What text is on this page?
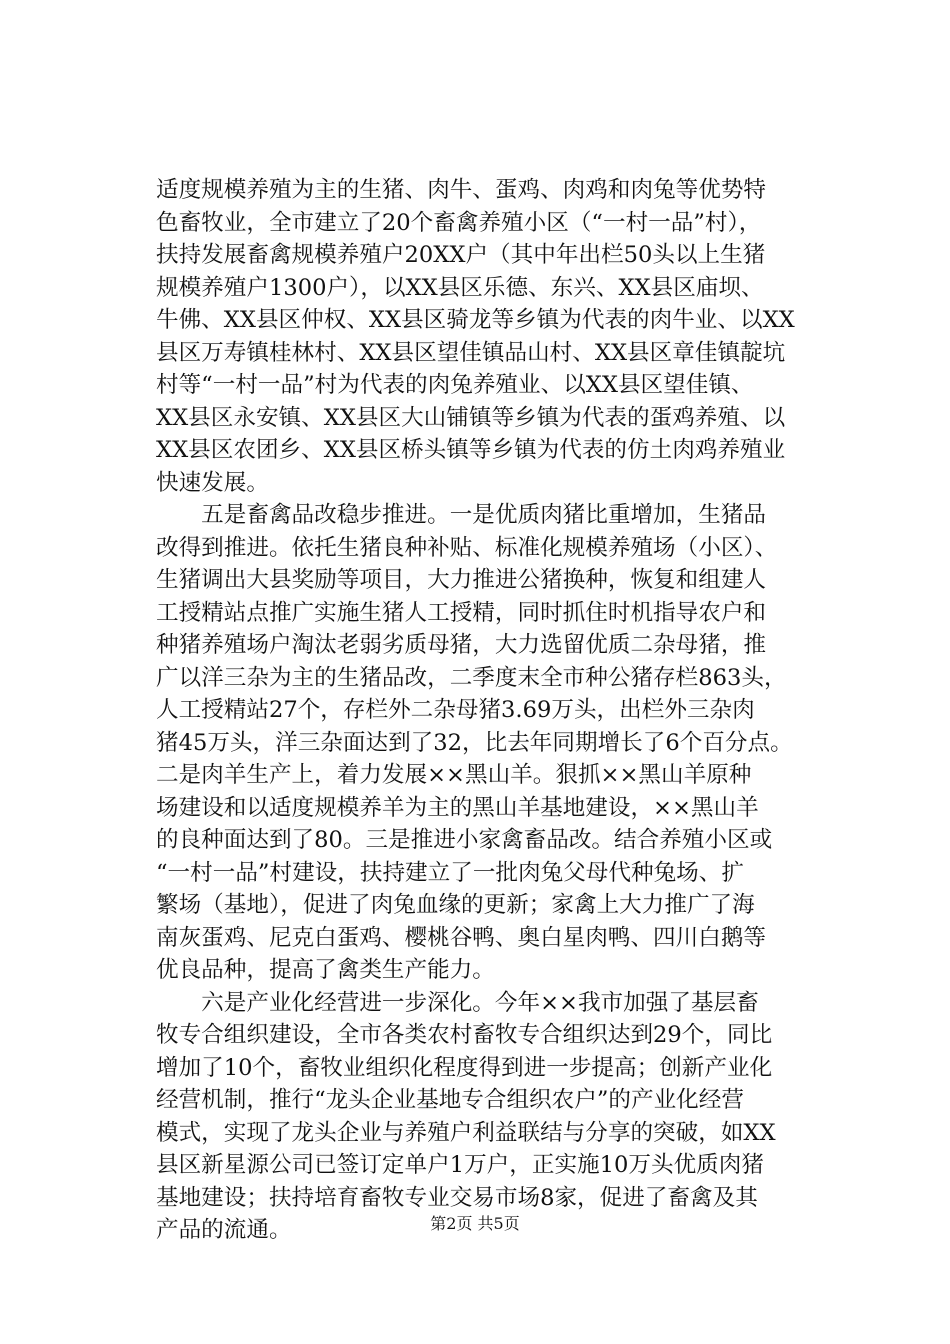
适度规模养殖为主的生猪、肉牛、蛋鸡、肉鸡和肉兔等优势特
色畜牧业，全市建立了20个畜禽养殖小区（“一村一品”村），
扶持发展畜禽规模养殖户20XX户（其中年出栏50头以上生猪
规模养殖户1300户），以XX县区乐德、东兴、XX县区庙坝、
牛佛、XX县区仲权、XX县区骑龙等乡镇为代表的肉牛业、以XX
县区万寿镇桂林村、XX县区望佳镇品山村、XX县区章佳镇靛坑
村等“一村一品”村为代表的肉兔养殖业、以XX县区望佳镇、
XX县区永安镇、XX县区大山铺镇等乡镇为代表的蛋鸡养殖、以
XX县区农团乡、XX县区桥头镇等乡镇为代表的仿土肉鸡养殖业
快速发展。
　　五是畜禽品改稳步推进。一是优质肉猪比重增加，生猪品
改得到推进。依托生猪良种补贴、标准化规模养殖场（小区）、
生猪调出大县奖励等项目，大力推进公猪换种，恢复和组建人
工授精站点推广实施生猪人工授精，同时抓住时机指导农户和
种猪养殖场户淘汰老弱劣质母猪，大力选留优质二杂母猪，推
广以洋三杂为主的生猪品改，二季度末全市种公猪存栏863头，
人工授精站27个，存栏外二杂母猪3.69万头，出栏外三杂肉
猪45万头，洋三杂面达到了32，比去年同期增长了6个百分点。
二是肉羊生产上，着力发展××黑山羊。狠抓××黑山羊原种
场建设和以适度规模养羊为主的黑山羊基地建设，××黑山羊
的良种面达到了80。三是推进小家禽畜品改。结合养殖小区或
“一村一品”村建设，扶持建立了一批肉兔父母代种兔场、扩
繁场（基地），促进了肉兔血缘的更新；家禽上大力推广了海
南灰蛋鸡、尼克白蛋鸡、樱桃谷鸭、奥白星肉鸭、四川白鹅等
优良品种，提高了禽类生产能力。
　　六是产业化经营进一步深化。今年××我市加强了基层畜
牧专合组织建设，全市各类农村畜牧专合组织达到29个，同比
增加了10个，畜牧业组织化程度得到进一步提高；创新产业化
经营机制，推行“龙头企业基地专合组织农户”的产业化经营
模式，实现了龙头企业与养殖户利益联结与分享的突破，如XX
县区新星源公司已签订定单户1万户，正实施10万头优质肉猪
基地建设；扶持培育畜牧专业交易市场8家，促进了畜禽及其
产品的流通。	第2页 共5页
